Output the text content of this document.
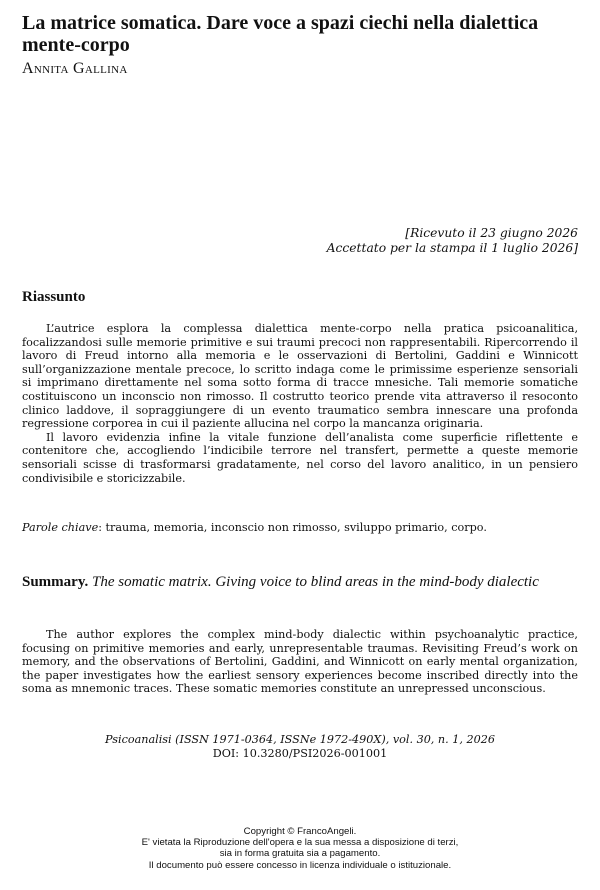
La matrice somatica. Dare voce a spazi ciechi nella dialettica mente-corpo
Annita Gallina
[Ricevuto il 23 giugno 2026
Accettato per la stampa il 1 luglio 2026]
Riassunto

L’autrice esplora la complessa dialettica mente-corpo nella pratica psicoanalitica, focalizzandosi sulle memorie primitive e sui traumi precoci non rappresentabili. Ripercorrendo il lavoro di Freud intorno alla memoria e le osservazioni di Bertolini, Gaddini e Winnicott sull’organizzazione mentale precoce, lo scritto indaga come le primissime esperienze sensoriali si imprimano direttamente nel soma sotto forma di tracce mnesiche. Tali memorie somatiche costituiscono un inconscio non rimosso. Il costrutto teorico prende vita attraverso il resoconto clinico laddove, il sopraggiungere di un evento traumatico sembra innescare una profonda regressione corporea in cui il paziente allucina nel corpo la mancanza originaria.

Il lavoro evidenzia infine la vitale funzione dell’analista come superficie riflettente e contenitore che, accogliendo l’indicibile terrore nel transfert, permette a queste memorie sensoriali scisse di trasformarsi gradatamente, nel corso del lavoro analitico, in un pensiero condivisibile e storicizzabile.

Parole chiave: trauma, memoria, inconscio non rimosso, sviluppo primario, corpo.
Summary. The somatic matrix. Giving voice to blind areas in the mind-body dialectic

The author explores the complex mind-body dialectic within psychoanalytic practice, focusing on primitive memories and early, unrepresentable traumas. Revisiting Freud’s work on memory, and the observations of Bertolini, Gaddini, and Winnicott on early mental organization, the paper investigates how the earliest sensory experiences become inscribed directly into the soma as mnemonic traces. These somatic memories constitute an unrepressed unconscious.

Psicoanalisi (ISSN 1971-0364, ISSNe 1972-490X), vol. 30, n. 1, 2026
DOI: 10.3280/PSI2026-001001
Copyright © FrancoAngeli.
E' vietata la Riproduzione dell'opera e la sua messa a disposizione di terzi,
sia in forma gratuita sia a pagamento.
Il documento può essere concesso in licenza individuale o istituzionale.
